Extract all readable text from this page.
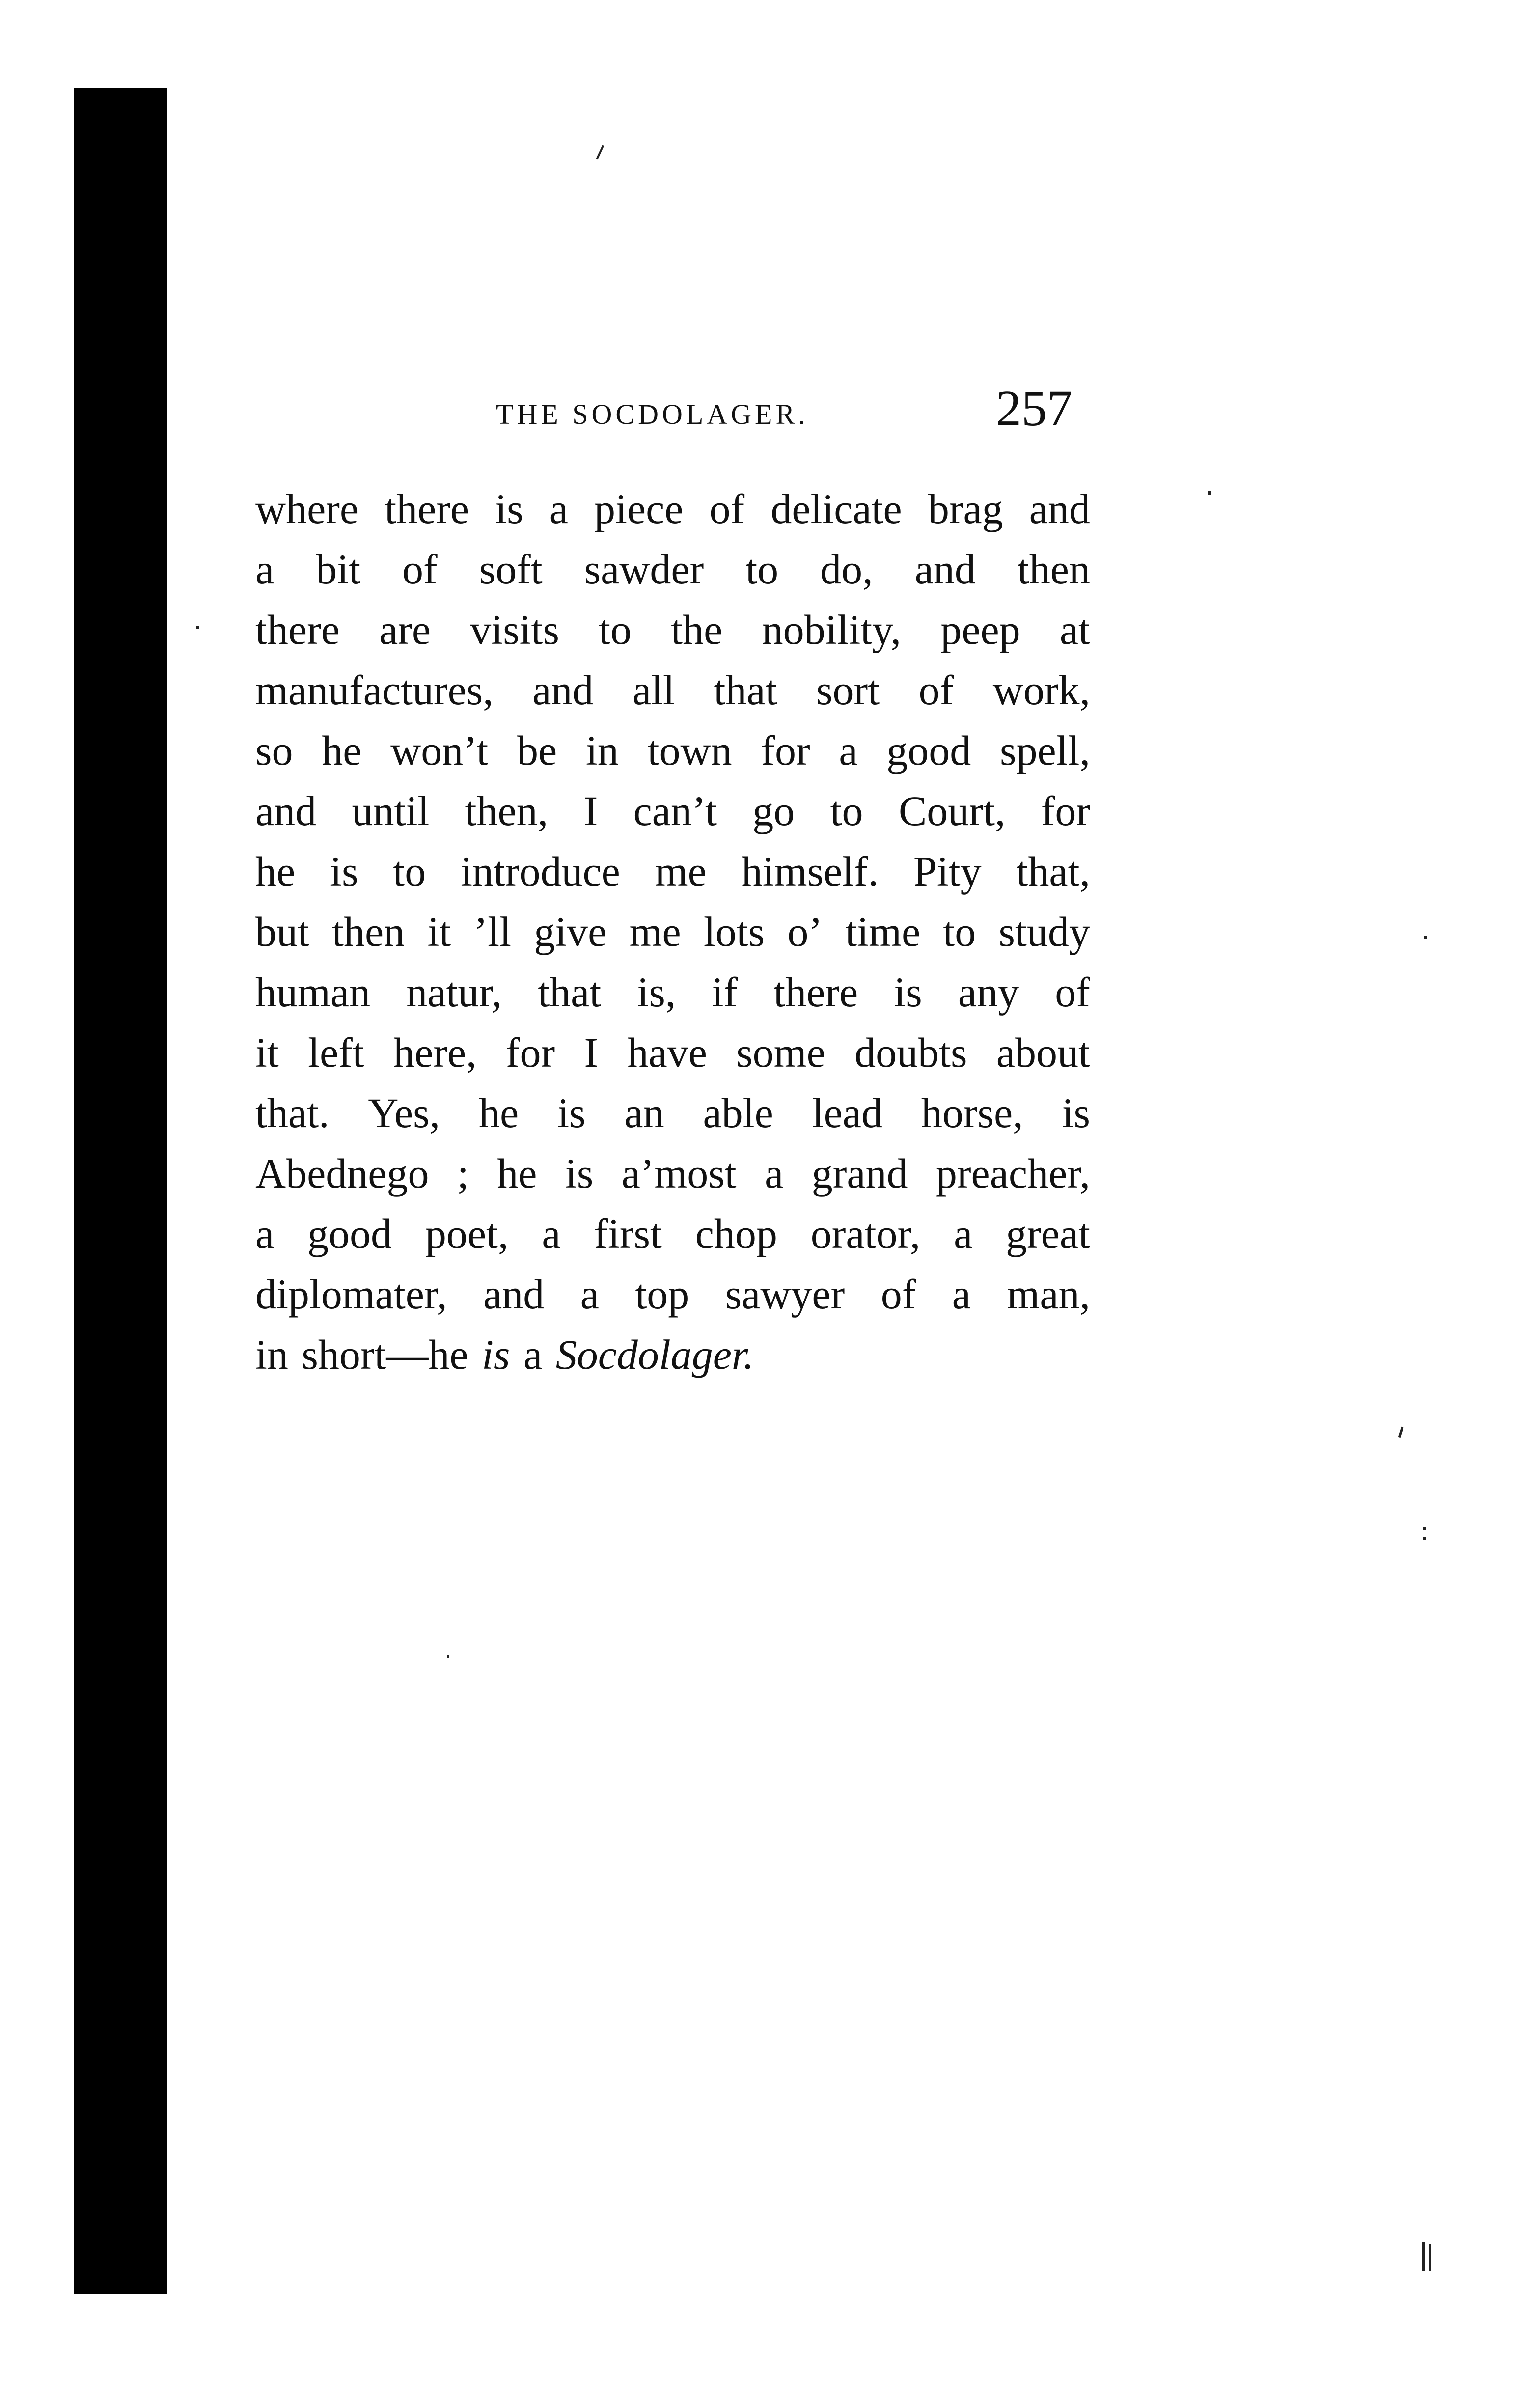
THE SOCDOLAGER.	257
where there is a piece of delicate brag and
a bit of soft sawder to do, and then
there are visits to the nobility, peep at
manufactures, and all that sort of work,
so he won’t be in town for a good spell,
and until then, I can’t go to Court, for
he is to introduce me himself. Pity that,
but then it ’ll give me lots o’ time to study
human natur, that is, if there is any of
it left here, for I have some doubts about
that. Yes, he is an able lead horse, is
Abednego ; he is a’most a grand preacher,
a good poet, a first chop orator, a great
diplomater, and a top sawyer of a man,
in short—he is a Socdolager.
